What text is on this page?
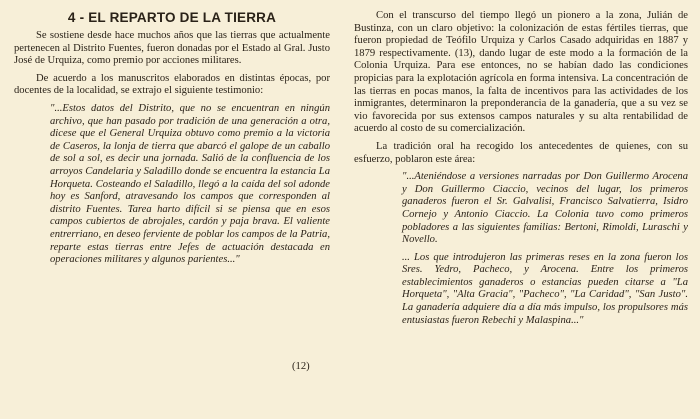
4 - EL REPARTO DE LA TIERRA

Se sostiene desde hace muchos años que las tierras que actualmente pertenecen al Distrito Fuentes, fueron donadas por el Estado al Gral. Justo José de Urquiza, como premio por acciones militares.

De acuerdo a los manuscritos elaborados en distintas épocas, por docentes de la localidad, se extrajo el siguiente testimonio:

"...Estos datos del Distrito, que no se encuentran en ningún archivo, que han pasado por tradición de una generación a otra, dicese que el General Urquiza obtuvo como premio a la victoria de Caseros, la lonja de tierra que abarcó el galope de un caballo de sol a sol, es decir una jornada. Salió de la confluencia de los arroyos Candelaria y Saladillo donde se encuentra la estancia La Horqueta. Costeando el Saladillo, llegó a la caída del sol adonde hoy es Sanford, atravesando los campos que corresponden al distrito Fuentes. Tarea harto difícil si se piensa que en esos campos cubiertos de abrojales, cardón y paja brava. El valiente entrerriano, en deseo ferviente de poblar los campos de la Patria, reparte estas tierras entre Jefes de actuación destacada en operaciones militares y algunos parientes..."

(12)

Con el transcurso del tiempo llegó un pionero a la zona, Julián de Bustinza, con un claro objetivo: la colonización de estas fértiles tierras, que fueron propiedad de Teófilo Urquiza y Carlos Casado adquiridas en 1887 y 1879 respectivamente. (13), dando lugar de este modo a la formación de la Colonia Urquiza. Para ese entonces, no se habían dado las condiciones propicias para la explotación agrícola en forma intensiva. La concentración de las tierras en pocas manos, la falta de incentivos para las actividades de los inmigrantes, determinaron la preponderancia de la ganadería, que a su vez se vio favorecida por sus extensos campos naturales y su alta rentabilidad de acuerdo al costo de su comercialización.

La tradición oral ha recogido los antecedentes de quienes, con su esfuerzo, poblaron este área:

"...Ateniéndose a versiones narradas por Don Guillermo Arocena y Don Guillermo Ciaccio, vecinos del lugar, los primeros ganaderos fueron el Sr. Galvalisi, Francisco Salvatierra, Isidro Cornejo y Antonio Ciaccio. La Colonia tuvo como primeros pobladores a las siguientes familias: Bertoni, Rimoldi, Luraschi y Novello.

... Los que introdujeron las primeras reses en la zona fueron los Sres. Yedro, Pacheco, y Arocena. Entre los primeros establecimientos ganaderos o estancias pueden citarse a "La Horqueta", "Alta Gracia", "Pacheco", "La Caridad", "San Justo". La ganadería adquiere día a día más impulso, los propulsores más entusiastas fueron Rebechi y Malaspina..."
